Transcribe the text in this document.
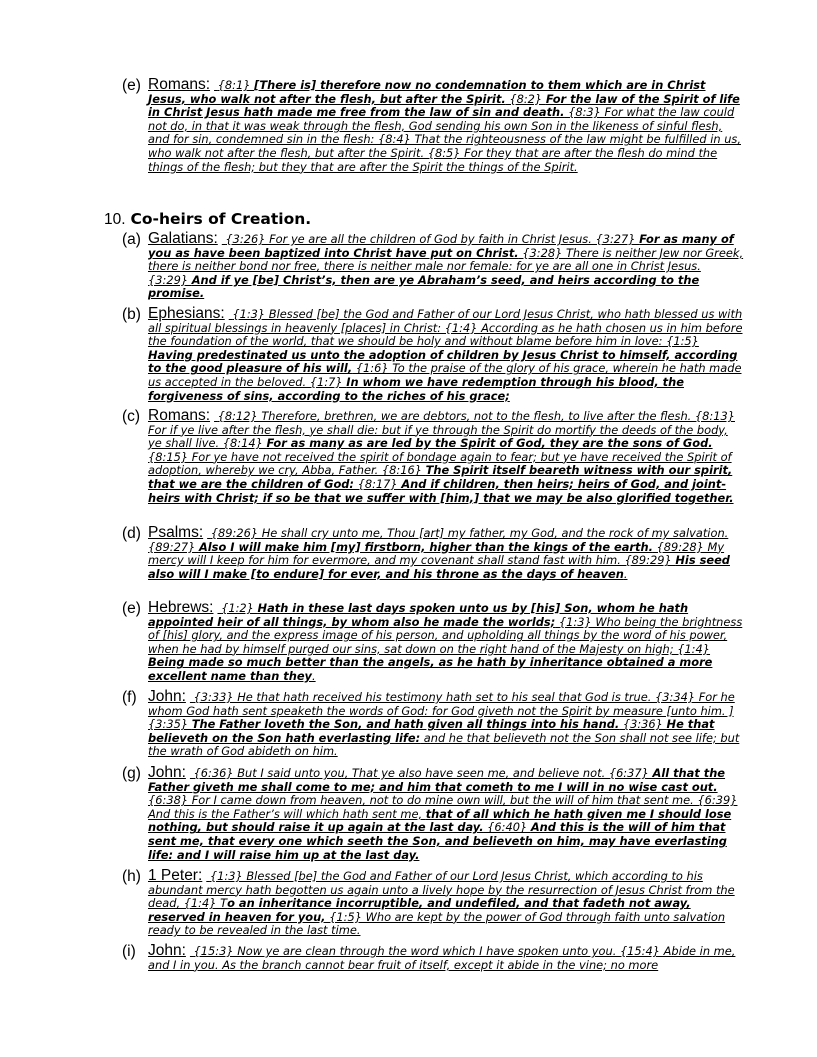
(e) Romans: {8:1} [There is] therefore now no condemnation to them which are in Christ Jesus, who walk not after the flesh, but after the Spirit. {8:2} For the law of the Spirit of life in Christ Jesus hath made me free from the law of sin and death. {8:3} For what the law could not do, in that it was weak through the flesh, God sending his own Son in the likeness of sinful flesh, and for sin, condemned sin in the flesh: {8:4} That the righteousness of the law might be fulfilled in us, who walk not after the flesh, but after the Spirit. {8:5} For they that are after the flesh do mind the things of the flesh; but they that are after the Spirit the things of the Spirit.
10. Co-heirs of Creation.
(a) Galatians: {3:26} For ye are all the children of God by faith in Christ Jesus. {3:27} For as many of you as have been baptized into Christ have put on Christ. {3:28} There is neither Jew nor Greek, there is neither bond nor free, there is neither male nor female: for ye are all one in Christ Jesus. {3:29} And if ye [be] Christ’s, then are ye Abraham’s seed, and heirs according to the promise.
(b) Ephesians: {1:3} Blessed [be] the God and Father of our Lord Jesus Christ, who hath blessed us with all spiritual blessings in heavenly [places] in Christ: {1:4} According as he hath chosen us in him before the foundation of the world, that we should be holy and without blame before him in love: {1:5} Having predestinated us unto the adoption of children by Jesus Christ to himself, according to the good pleasure of his will, {1:6} To the praise of the glory of his grace, wherein he hath made us accepted in the beloved. {1:7} In whom we have redemption through his blood, the forgiveness of sins, according to the riches of his grace;
(c) Romans: {8:12} Therefore, brethren, we are debtors, not to the flesh, to live after the flesh. {8:13} For if ye live after the flesh, ye shall die: but if ye through the Spirit do mortify the deeds of the body, ye shall live. {8:14} For as many as are led by the Spirit of God, they are the sons of God. {8:15} For ye have not received the spirit of bondage again to fear; but ye have received the Spirit of adoption, whereby we cry, Abba, Father. {8:16} The Spirit itself beareth witness with our spirit, that we are the children of God: {8:17} And if children, then heirs; heirs of God, and joint-heirs with Christ; if so be that we suffer with [him,] that we may be also glorified together.
(d) Psalms: {89:26} He shall cry unto me, Thou [art] my father, my God, and the rock of my salvation. {89:27} Also I will make him [my] firstborn, higher than the kings of the earth. {89:28} My mercy will I keep for him for evermore, and my covenant shall stand fast with him. {89:29} His seed also will I make [to endure] for ever, and his throne as the days of heaven.
(e) Hebrews: {1:2} Hath in these last days spoken unto us by [his] Son, whom he hath appointed heir of all things, by whom also he made the worlds; {1:3} Who being the brightness of [his] glory, and the express image of his person, and upholding all things by the word of his power, when he had by himself purged our sins, sat down on the right hand of the Majesty on high; {1:4} Being made so much better than the angels, as he hath by inheritance obtained a more excellent name than they.
(f) John: {3:33} He that hath received his testimony hath set to his seal that God is true. {3:34} For he whom God hath sent speaketh the words of God: for God giveth not the Spirit by measure [unto him. ]{3:35} The Father loveth the Son, and hath given all things into his hand. {3:36} He that believeth on the Son hath everlasting life: and he that believeth not the Son shall not see life; but the wrath of God abideth on him.
(g) John: {6:36} But I said unto you, That ye also have seen me, and believe not. {6:37} All that the Father giveth me shall come to me; and him that cometh to me I will in no wise cast out. {6:38} For I came down from heaven, not to do mine own will, but the will of him that sent me. {6:39} And this is the Father’s will which hath sent me, that of all which he hath given me I should lose nothing, but should raise it up again at the last day. {6:40} And this is the will of him that sent me, that every one which seeth the Son, and believeth on him, may have everlasting life: and I will raise him up at the last day.
(h) 1 Peter: {1:3} Blessed [be] the God and Father of our Lord Jesus Christ, which according to his abundant mercy hath begotten us again unto a lively hope by the resurrection of Jesus Christ from the dead, {1:4} To an inheritance incorruptible, and undefiled, and that fadeth not away, reserved in heaven for you, {1:5} Who are kept by the power of God through faith unto salvation ready to be revealed in the last time.
(i) John: {15:3} Now ye are clean through the word which I have spoken unto you. {15:4} Abide in me, and I in you. As the branch cannot bear fruit of itself, except it abide in the vine; no more
